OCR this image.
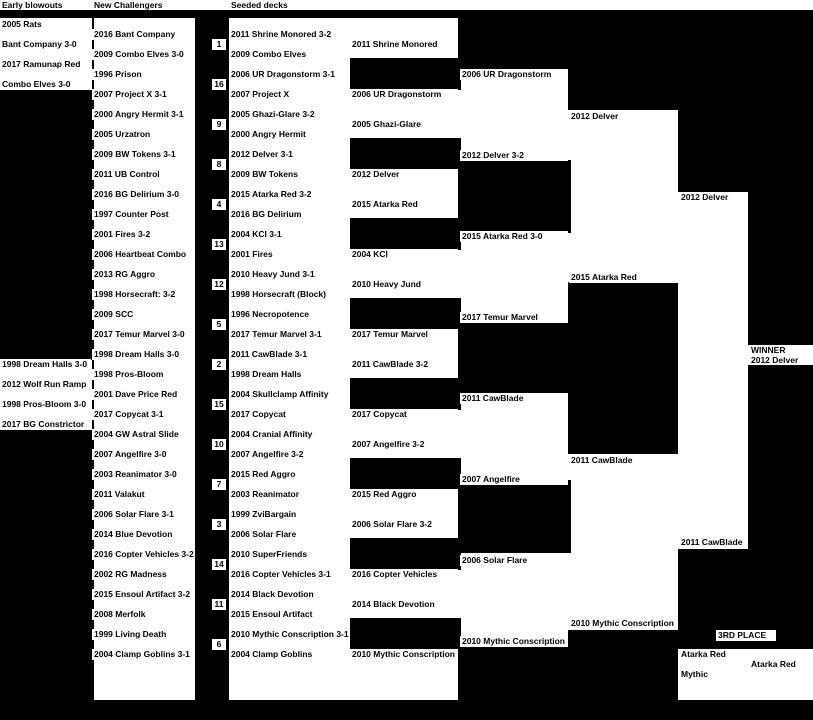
Early blowouts	New Challengers	Seeded decks
2005 Rats
Bant Company 3-0
2017 Ramunap Red
Combo Elves 3-0
1998 Dream Halls 3-0
2012 Wolf Run Ramp
1998 Pros-Bloom 3-0
2017 BG Constrictor
2016 Bant Company
2009 Combo Elves 3-0
1996 Prison
2007 Project X 3-1
2000 Angry Hermit 3-1
2005 Urzatron
2009 BW Tokens 3-1
2011 UB Control
2016 BG Delirium 3-0
1997 Counter Post
2001 Fires 3-2
2006 Heartbeat Combo
2013 RG Aggro
1998 Horsecraft: 3-2
2009 SCC
2017 Temur Marvel 3-0
1998 Dream Halls 3-0
1998 Pros-Bloom
2001 Dave Price Red
2017 Copycat 3-1
2004 GW Astral Slide
2007 Angelfire 3-0
2003 Reanimator 3-0
2011 Valakut
2006 Solar Flare 3-1
2014 Blue Devotion
2016 Copter Vehicles 3-2
2002 RG Madness
2015 Ensoul Artifact 3-2
2008 Merfolk
1999 Living Death
2004 Clamp Goblins 3-1
1
16
9
8
4
13
12
5
2
15
10
7
3
14
11
6
2011 Shrine Monored 3-2
2009 Combo Elves
2006 UR Dragonstorm 3-1
2007 Project X
2005 Ghazi-Glare 3-2
2000 Angry Hermit
2012 Delver 3-1
2009 BW Tokens
2015 Atarka Red 3-2
2016 BG Delirium
2004 KCI 3-1
2001 Fires
2010 Heavy Jund 3-1
1998 Horsecraft (Block)
1996 Necropotence
2017 Temur Marvel 3-1
2011 CawBlade 3-1
1998 Dream Halls
2004 Skullclamp Affinity
2017 Copycat
2004 Cranial Affinity
2007 Angelfire 3-2
2015 Red Aggro
2003 Reanimator
1999 ZviBargain
2006 Solar Flare
2010 SuperFriends
2016 Copter Vehicles 3-1
2014 Black Devotion
2015 Ensoul Artifact
2010 Mythic Conscription 3-1
2004 Clamp Goblins
2011 Shrine Monored
2006 UR Dragonstorm
2005 Ghazi-Glare
2012 Delver
2015 Atarka Red
2004 KCI
2010 Heavy Jund
2017 Temur Marvel
2011 CawBlade 3-2
2017 Copycat
2007 Angelfire 3-2
2015 Red Aggro
2006 Solar Flare 3-2
2016 Copter Vehicles
2014 Black Devotion
2010 Mythic Conscription
2006 UR Dragonstorm
2012 Delver 3-2
2015 Atarka Red 3-0
2017 Temur Marvel
2011 CawBlade
2007 Angelfire
2006 Solar Flare
2010 Mythic Conscription
2012 Delver
2015 Atarka Red
2011 CawBlade
2010 Mythic Conscription
2012 Delver
2011 CawBlade
WINNER
2012 Delver
3RD PLACE
Atarka Red
Mythic
Atarka Red
